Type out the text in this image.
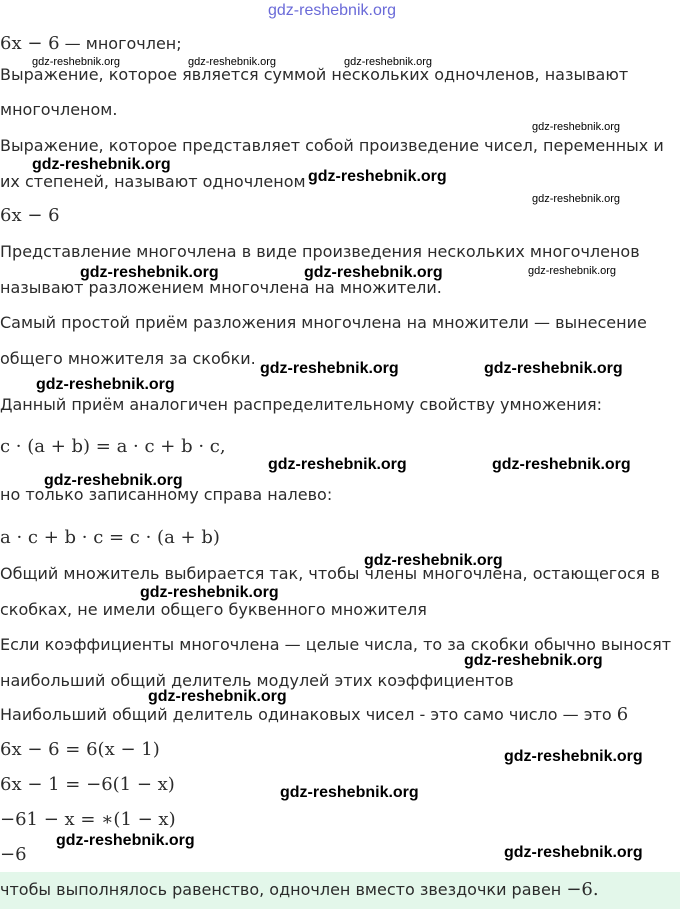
6x − 6 — многочлен;
Выражение, которое является суммой нескольких одночленов, называют
многочленом.
Выражение, которое представляет собой произведение чисел, переменных и
их степеней, называют одночленом
6x − 6
Представление многочлена в виде произведения нескольких многочленов
называют разложением многочлена на множители.
Самый простой приём разложения многочлена на множители — вынесение
общего множителя за скобки.
Данный приём аналогичен распределительному свойству умножения:
c · (a + b) = a · c + b · c,
но только записанному справа налево:
a · c + b · c = c · (a + b)
Общий множитель выбирается так, чтобы члены многочлена, остающегося в
скобках, не имели общего буквенного множителя
Если коэффициенты многочлена — целые числа, то за скобки обычно выносят
наибольший общий делитель модулей этих коэффициентов
Наибольший общий делитель одинаковых чисел - это само число — это 6
6x − 6 = 6(x − 1)
6x − 1 = −6(1 − x)
−61 − x = ∗(1 − x)
−6
чтобы выполнялось равенство, одночлен вместо звездочки равен −6.
gdz-reshebnik.org
gdz-reshebnik.org	gdz-reshebnik.org	gdz-reshebnik.org
gdz-reshebnik.org
gdz-reshebnik.org
gdz-reshebnik.org
gdz-reshebnik.org
gdz-reshebnik.org	gdz-reshebnik.org	gdz-reshebnik.org
gdz-reshebnik.org	gdz-reshebnik.org
gdz-reshebnik.org
gdz-reshebnik.org	gdz-reshebnik.org
gdz-reshebnik.org
gdz-reshebnik.org
gdz-reshebnik.org
gdz-reshebnik.org
gdz-reshebnik.org
gdz-reshebnik.org
gdz-reshebnik.org
gdz-reshebnik.org
gdz-reshebnik.org
